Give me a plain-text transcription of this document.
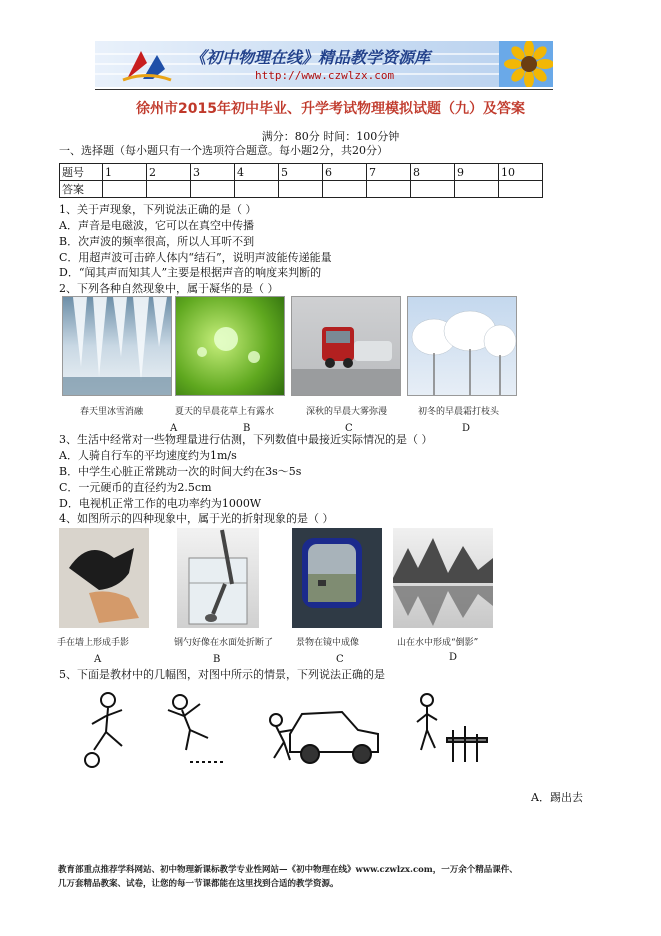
《初中物理在线》精品教学资源库
http://www.czwlzx.com
徐州市2015年初中毕业、升学考试物理模拟试题（九）及答案
满分：80分 时间：100分钟
一、选择题（每小题只有一个选项符合题意。每小题2分，共20分）
题号	1	2	3	4	5	6	7	8	9	10
答案										
1、关于声现象，下列说法正确的是（ ）
A．声音是电磁波，它可以在真空中传播
B．次声波的频率很高，所以人耳听不到
C．用超声波可击碎人体内“结石”，说明声波能传递能量
D．“闻其声而知其人”主要是根据声音的响度来判断的
2、下列各种自然现象中，属于凝华的是（ ）
春天里冰雪消融	夏天的早晨花草上有露水	深秋的早晨大雾弥漫	初冬的早晨霜打枝头
A	B	C	D
3、生活中经常对一些物理量进行估测，下列数值中最接近实际情况的是（ ）
A．人骑自行车的平均速度约为1m/s
B．中学生心脏正常跳动一次的时间大约在3s～5s
C．一元硬币的直径约为2.5cm
D．电视机正常工作的电功率约为1000W
4、如图所示的四种现象中，属于光的折射现象的是（ ）
手在墙上形成手影	钢勺好像在水面处折断了	景物在镜中成像	山在水中形成“倒影”
A	B	C	D
5、下面是教材中的几幅图，对图中所示的情景，下列说法正确的是
A．踢出去
教育部重点推荐学科网站、初中物理新课标教学专业性网站—《初中物理在线》www.czwlzx.com，一万余个精品课件、
几万套精品教案、试卷，让您的每一节课都能在这里找到合适的教学资源。
